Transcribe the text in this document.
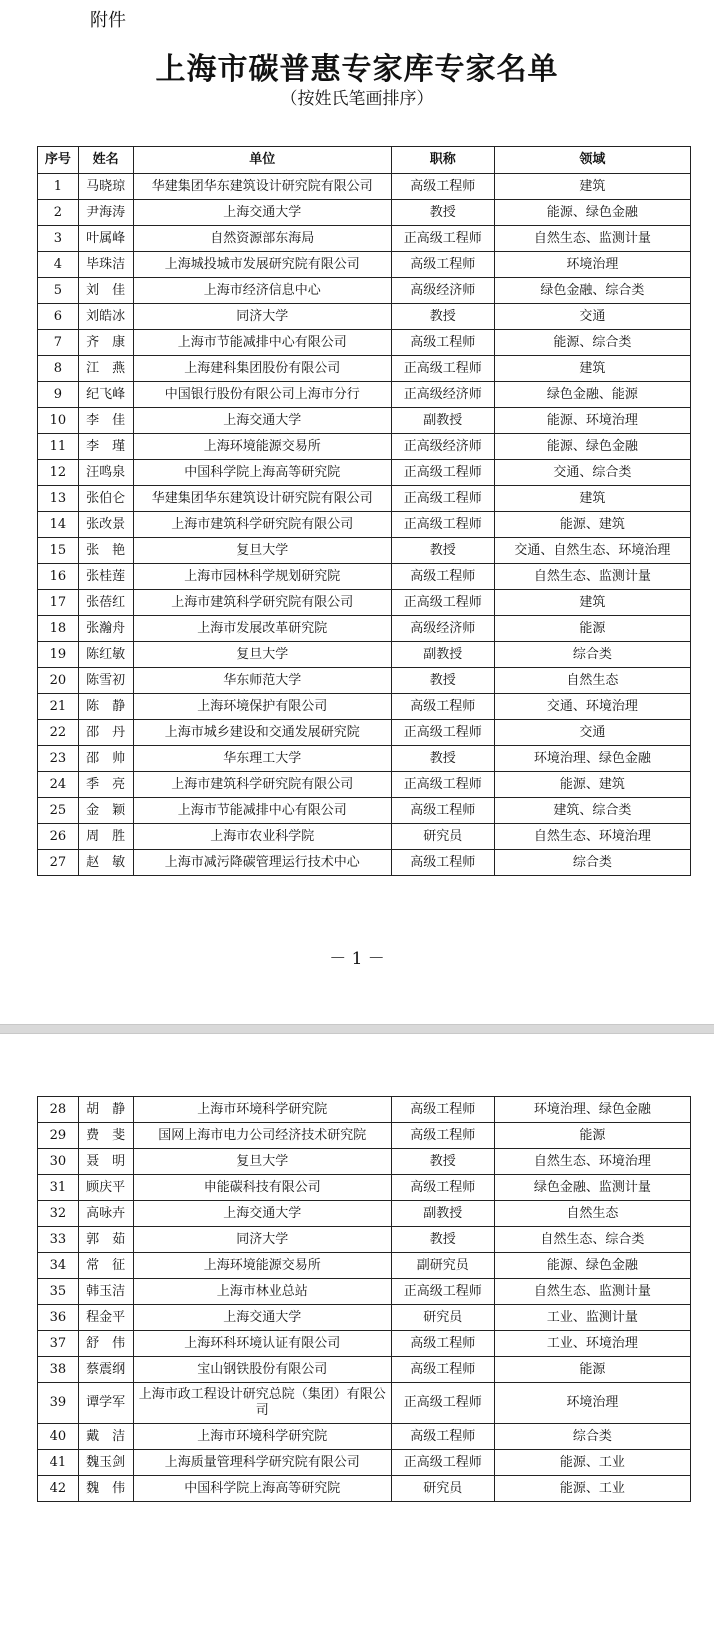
附件
上海市碳普惠专家库专家名单
（按姓氏笔画排序）
序号	姓名	单位	职称	领域
1	马晓琼	华建集团华东建筑设计研究院有限公司	高级工程师	建筑
2	尹海涛	上海交通大学	教授	能源、绿色金融
3	叶属峰	自然资源部东海局	正高级工程师	自然生态、监测计量
4	毕珠洁	上海城投城市发展研究院有限公司	高级工程师	环境治理
5	刘　佳	上海市经济信息中心	高级经济师	绿色金融、综合类
6	刘皓冰	同济大学	教授	交通
7	齐　康	上海市节能减排中心有限公司	高级工程师	能源、综合类
8	江　燕	上海建科集团股份有限公司	正高级工程师	建筑
9	纪飞峰	中国银行股份有限公司上海市分行	正高级经济师	绿色金融、能源
10	李　佳	上海交通大学	副教授	能源、环境治理
11	李　瑾	上海环境能源交易所	正高级经济师	能源、绿色金融
12	汪鸣泉	中国科学院上海高等研究院	正高级工程师	交通、综合类
13	张伯仑	华建集团华东建筑设计研究院有限公司	正高级工程师	建筑
14	张改景	上海市建筑科学研究院有限公司	正高级工程师	能源、建筑
15	张　艳	复旦大学	教授	交通、自然生态、环境治理
16	张桂莲	上海市园林科学规划研究院	高级工程师	自然生态、监测计量
17	张蓓红	上海市建筑科学研究院有限公司	正高级工程师	建筑
18	张瀚舟	上海市发展改革研究院	高级经济师	能源
19	陈红敏	复旦大学	副教授	综合类
20	陈雪初	华东师范大学	教授	自然生态
21	陈　静	上海环境保护有限公司	高级工程师	交通、环境治理
22	邵　丹	上海市城乡建设和交通发展研究院	正高级工程师	交通
23	邵　帅	华东理工大学	教授	环境治理、绿色金融
24	季　亮	上海市建筑科学研究院有限公司	正高级工程师	能源、建筑
25	金　颖	上海市节能减排中心有限公司	高级工程师	建筑、综合类
26	周　胜	上海市农业科学院	研究员	自然生态、环境治理
27	赵　敏	上海市减污降碳管理运行技术中心	高级工程师	综合类
－ 1 －
28	胡　静	上海市环境科学研究院	高级工程师	环境治理、绿色金融
29	费　斐	国网上海市电力公司经济技术研究院	高级工程师	能源
30	聂　明	复旦大学	教授	自然生态、环境治理
31	顾庆平	申能碳科技有限公司	高级工程师	绿色金融、监测计量
32	高咏卉	上海交通大学	副教授	自然生态
33	郭　茹	同济大学	教授	自然生态、综合类
34	常　征	上海环境能源交易所	副研究员	能源、绿色金融
35	韩玉洁	上海市林业总站	正高级工程师	自然生态、监测计量
36	程金平	上海交通大学	研究员	工业、监测计量
37	舒　伟	上海环科环境认证有限公司	高级工程师	工业、环境治理
38	蔡震纲	宝山钢铁股份有限公司	高级工程师	能源
39	谭学军	上海市政工程设计研究总院（集团）有限公司	正高级工程师	环境治理
40	戴　洁	上海市环境科学研究院	高级工程师	综合类
41	魏玉剑	上海质量管理科学研究院有限公司	正高级工程师	能源、工业
42	魏　伟	中国科学院上海高等研究院	研究员	能源、工业
